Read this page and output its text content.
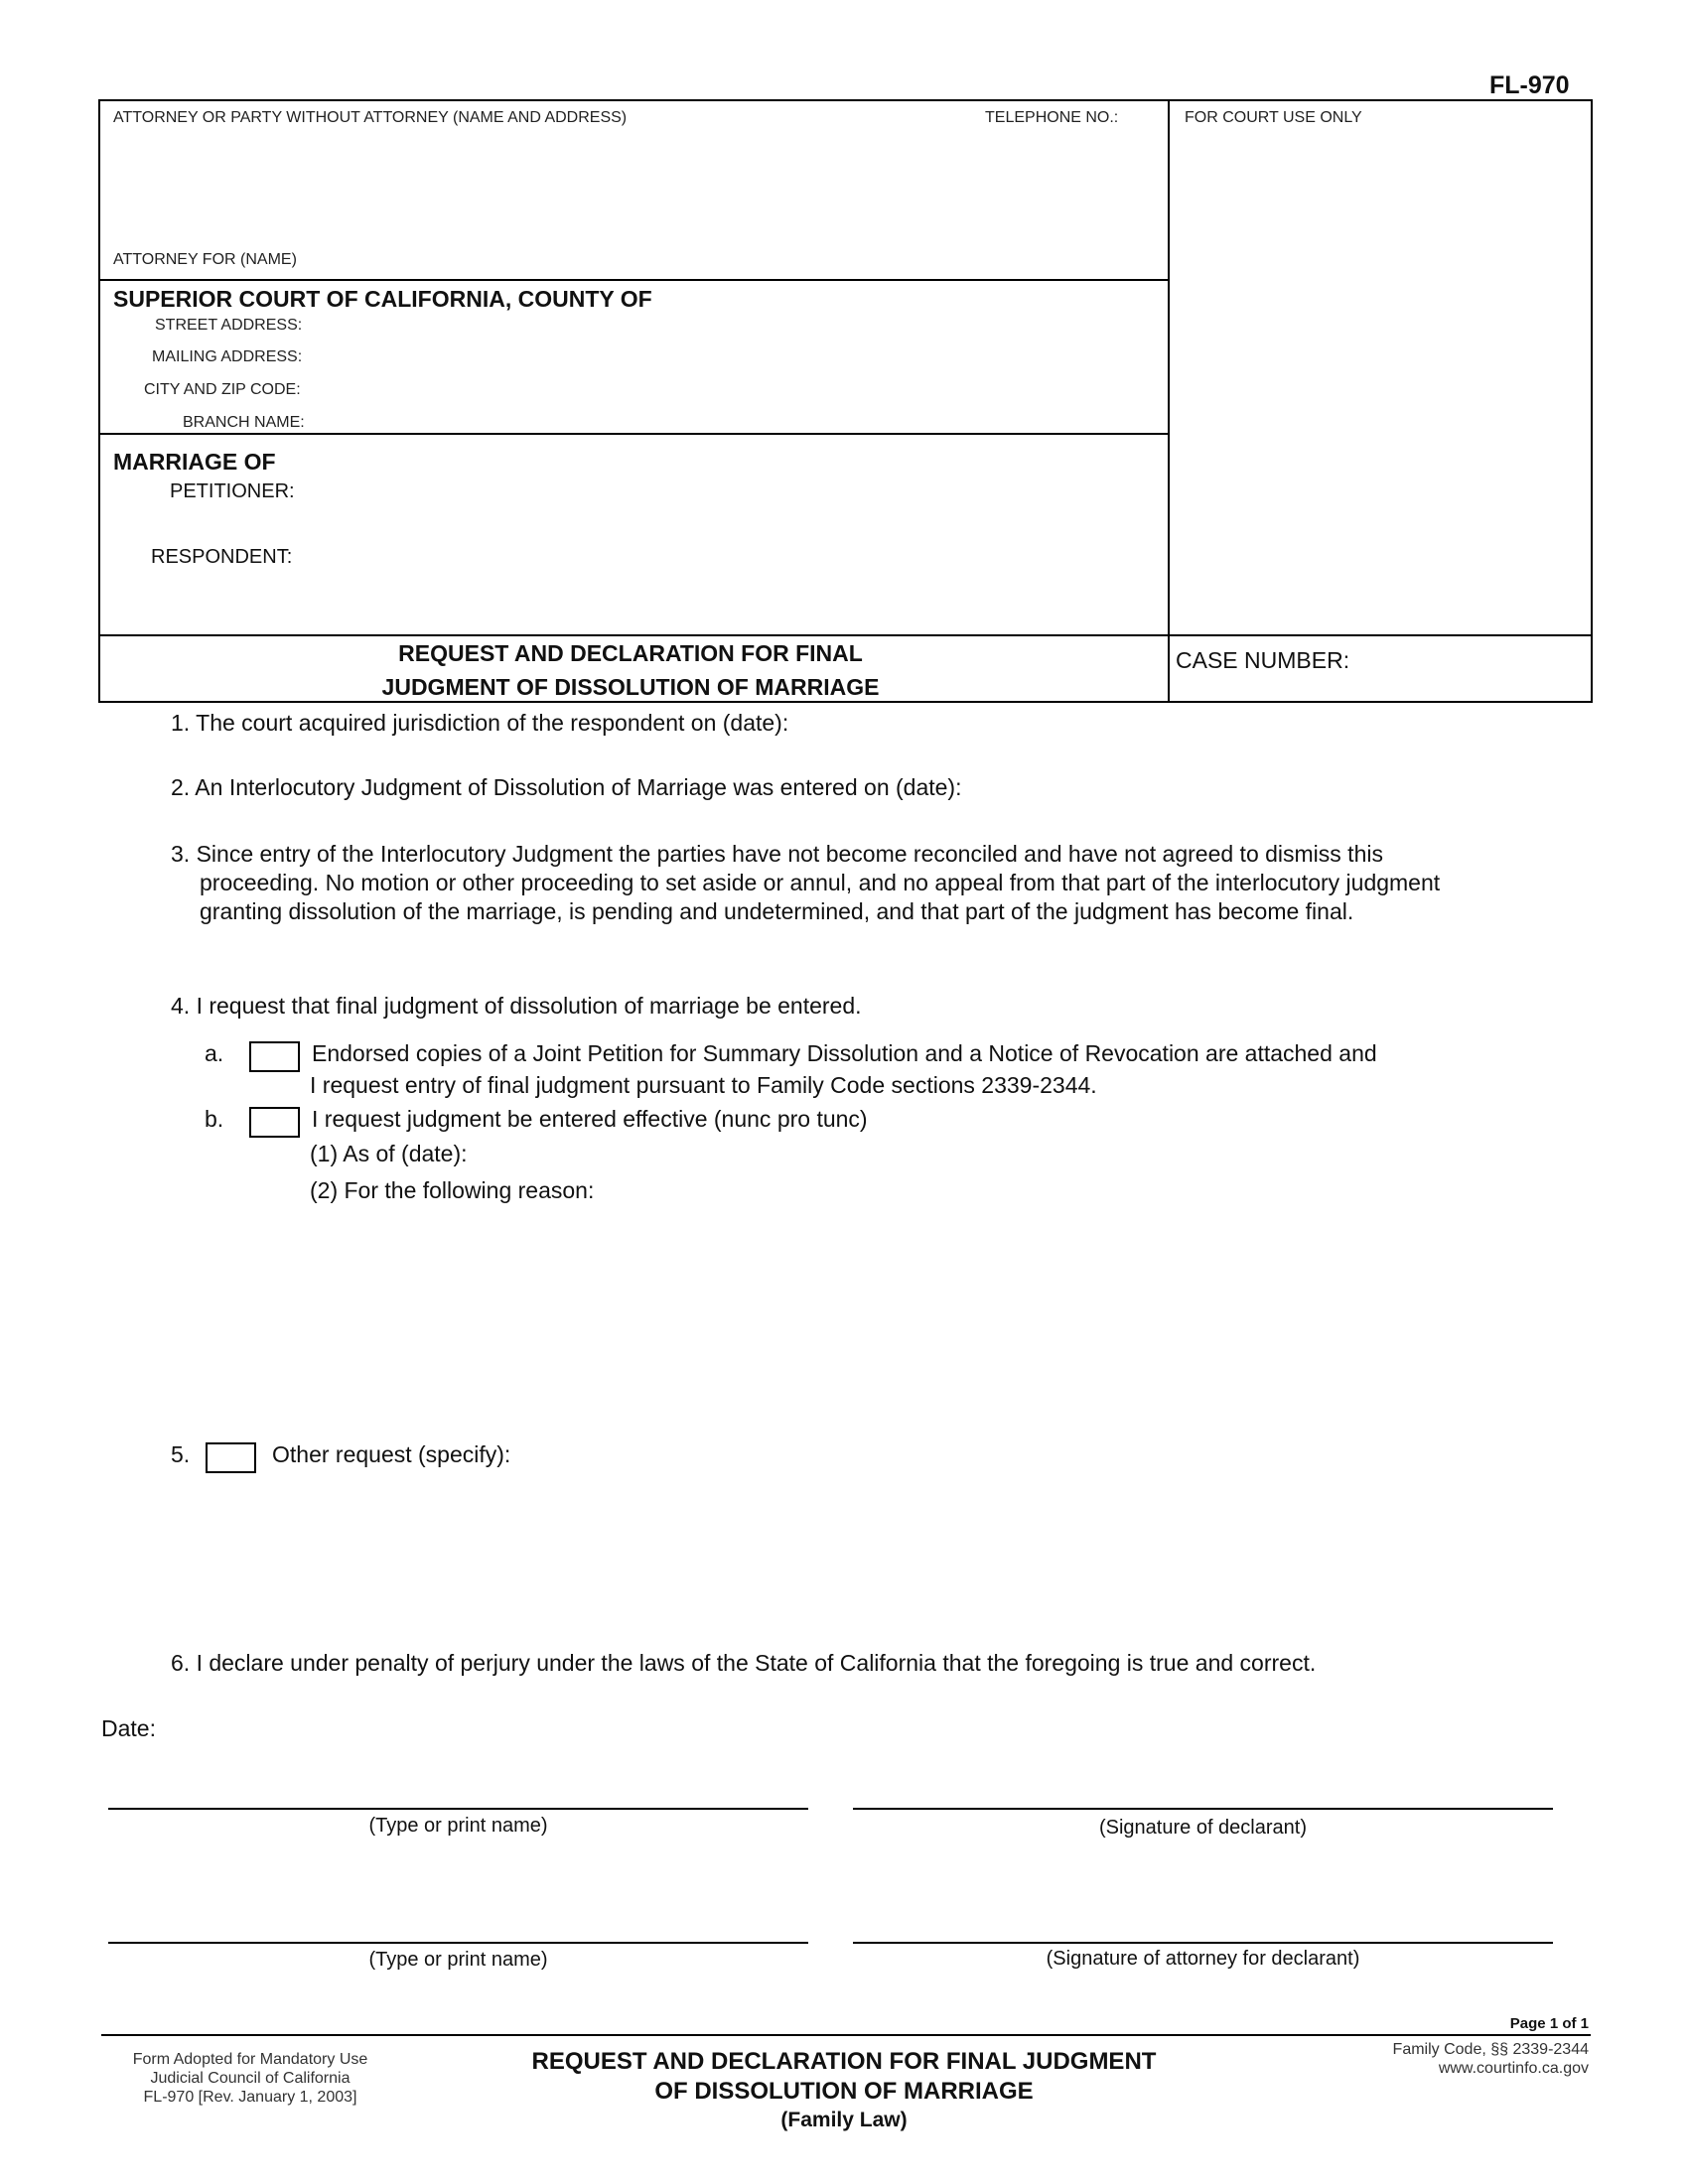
FL-970
ATTORNEY OR PARTY WITHOUT ATTORNEY (NAME AND ADDRESS)	TELEPHONE NO.:
ATTORNEY FOR (NAME)
FOR COURT USE ONLY
SUPERIOR COURT OF CALIFORNIA, COUNTY OF
STREET ADDRESS:
MAILING ADDRESS:
CITY AND ZIP CODE:
BRANCH NAME:
MARRIAGE OF
PETITIONER:
RESPONDENT:
REQUEST AND DECLARATION FOR FINAL
JUDGMENT OF DISSOLUTION OF MARRIAGE
CASE NUMBER:
1. The court acquired jurisdiction of the respondent on (date):
2. An Interlocutory Judgment of Dissolution of Marriage was entered on (date):
3. Since entry of the Interlocutory Judgment the parties have not become reconciled and have not agreed to dismiss this
proceeding. No motion or other proceeding to set aside or annul, and no appeal from that part of the interlocutory judgment
granting dissolution of the marriage, is pending and undetermined, and that part of the judgment has become final.
4. I request that final judgment of dissolution of marriage be entered.
a.	Endorsed copies of a Joint Petition for Summary Dissolution and a Notice of Revocation are attached and
I request entry of final judgment pursuant to Family Code sections 2339-2344.
b.	I request judgment be entered effective (nunc pro tunc)
(1) As of (date):
(2) For the following reason:
5.	Other request (specify):
6. I declare under penalty of perjury under the laws of the State of California that the foregoing is true and correct.
Date:
(Type or print name)	(Signature of declarant)
(Type or print name)	(Signature of attorney for declarant)
Page 1 of 1
Form Adopted for Mandatory Use
Judicial Council of California
FL-970 [Rev. January 1, 2003]
REQUEST AND DECLARATION FOR FINAL JUDGMENT
OF DISSOLUTION OF MARRIAGE
(Family Law)
Family Code, §§ 2339-2344
www.courtinfo.ca.gov
